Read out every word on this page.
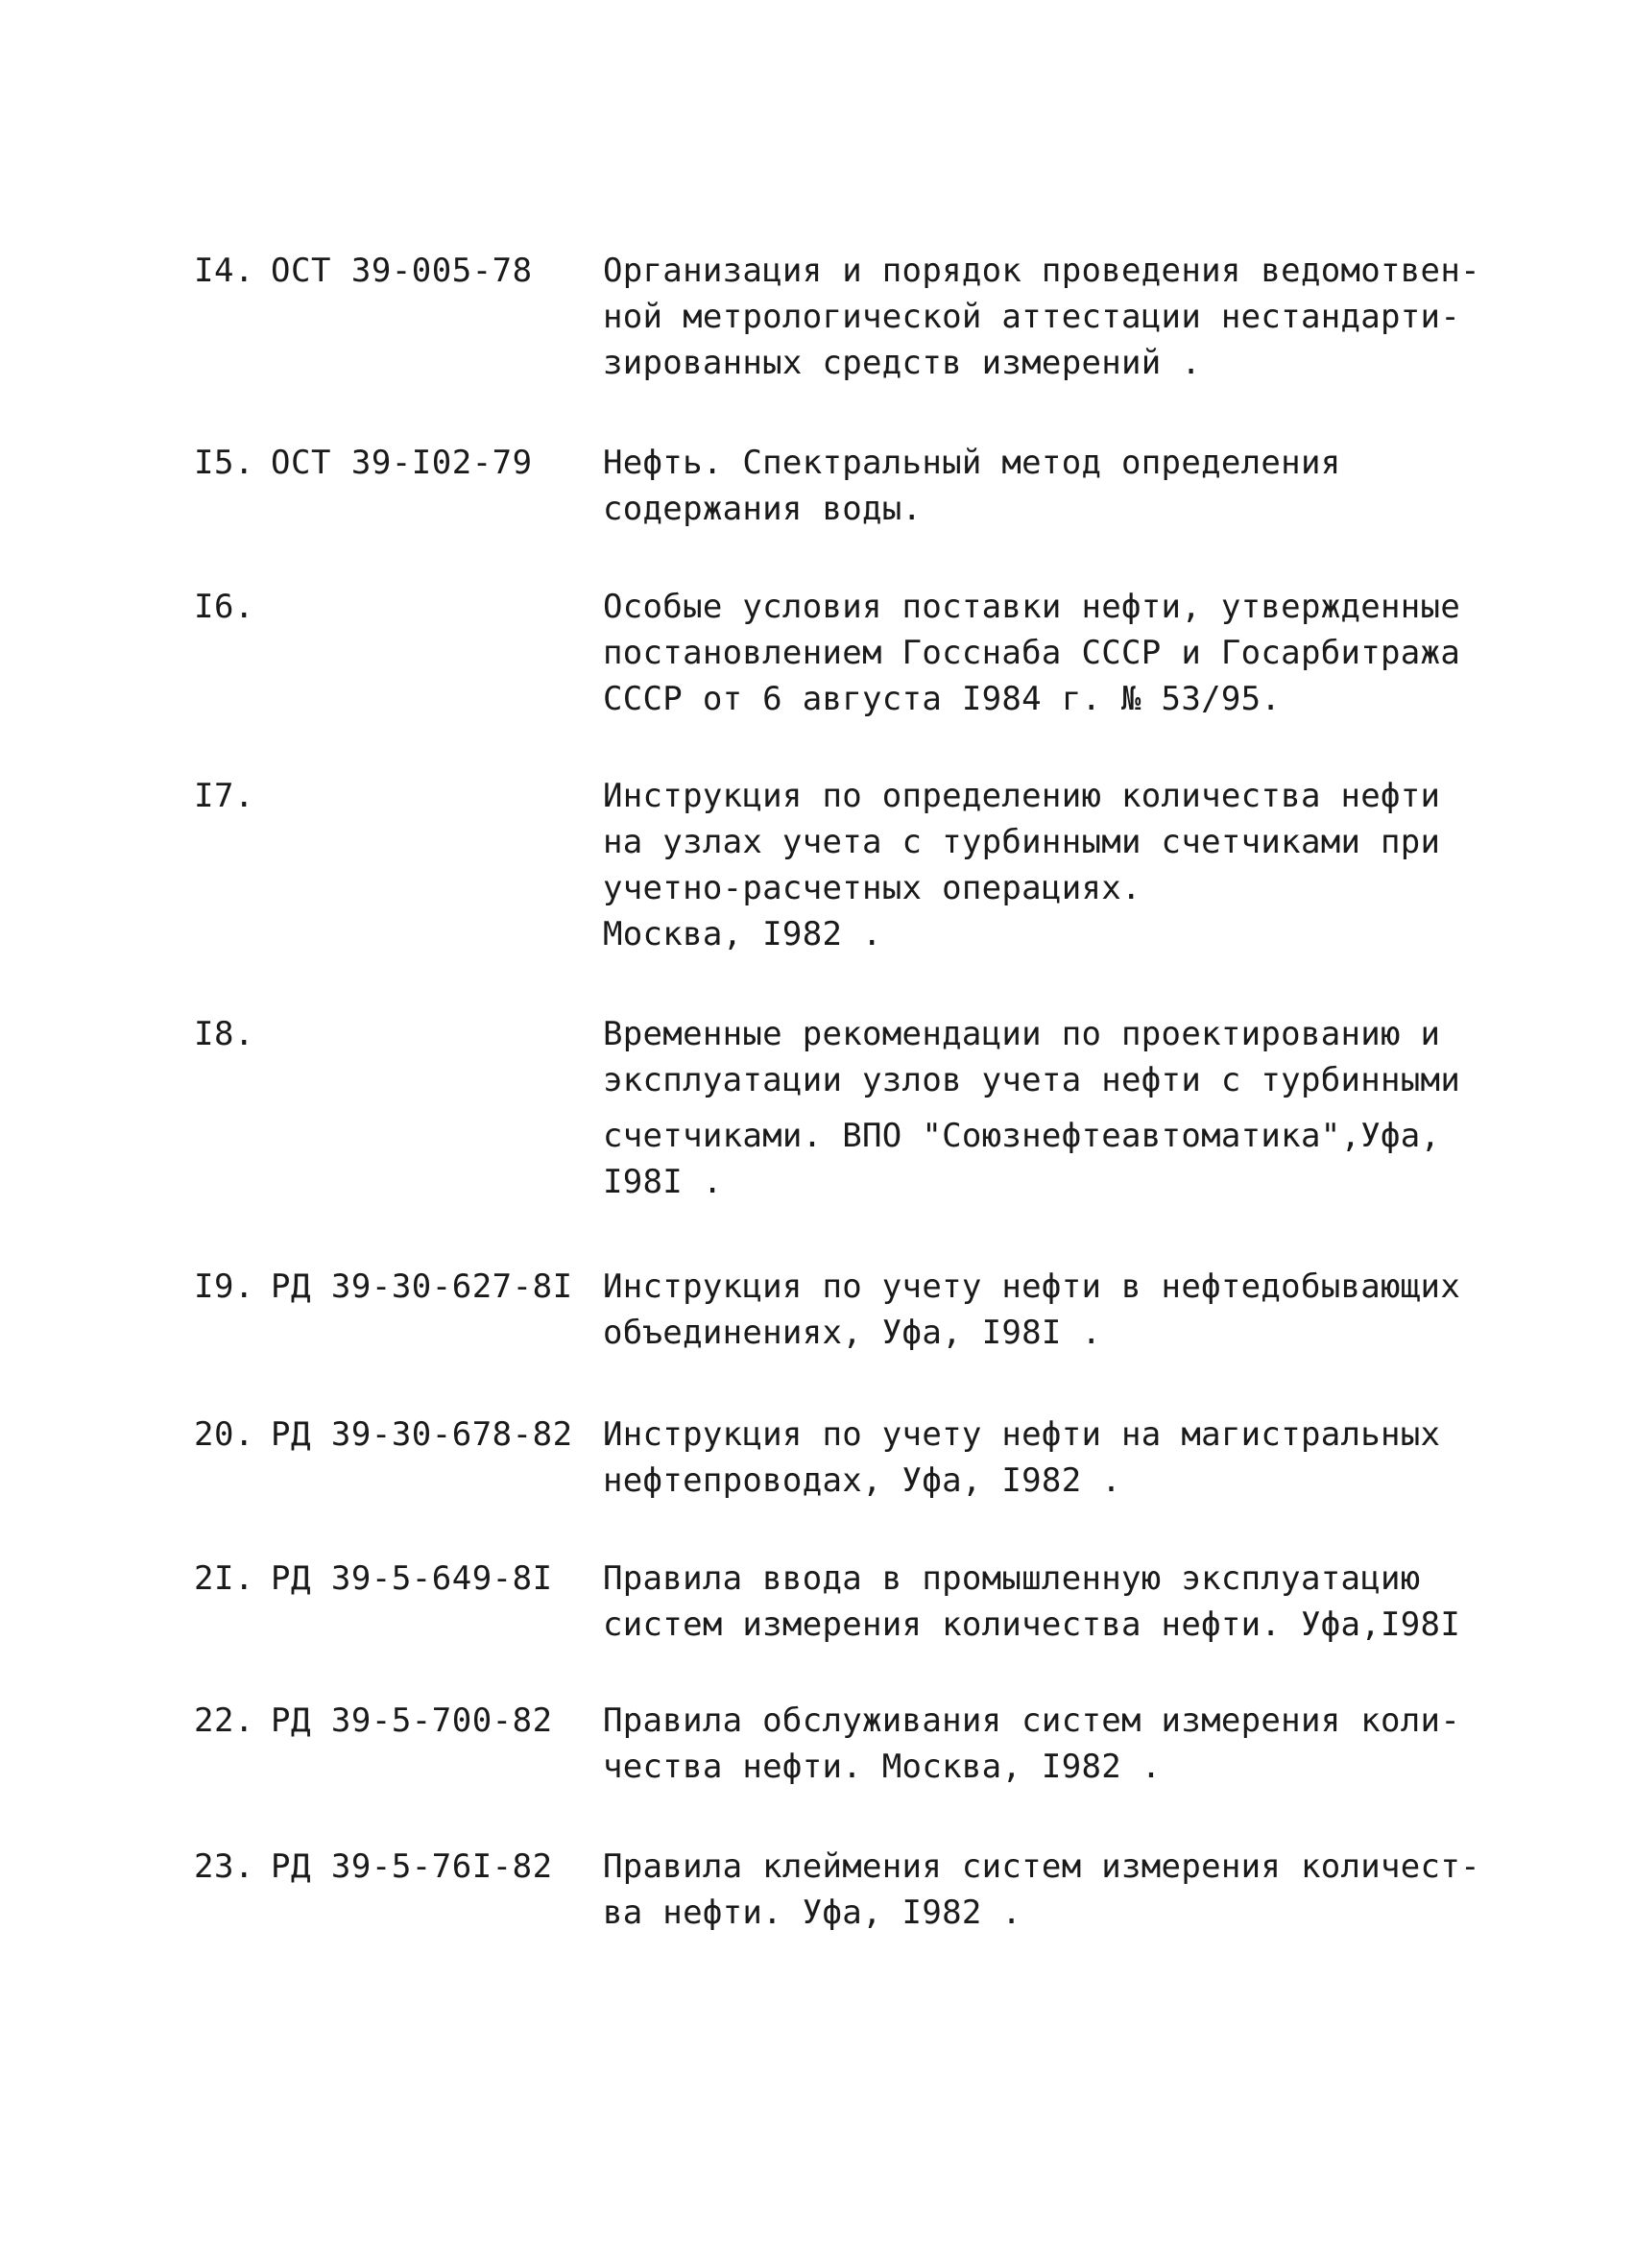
I4. ОСТ 39-005-78 Организация и порядок проведения ведомотвен-
ной метрологической аттестации нестандарти-
зированных средств измерений .
I5. ОСТ 39-I02-79 Нефть. Спектральный метод определения
содержания воды.
I6.	Особые условия поставки нефти, утвержденные
постановлением Госснаба СССР и Госарбитража
СССР от 6 августа I984 г. № 53/95.
I7.	Инструкция по определению количества нефти
на узлах учета с турбинными счетчиками при
учетно-расчетных операциях.
Москва, I982 .
I8.	Временные рекомендации по проектированию и
эксплуатации узлов учета нефти с турбинными
счетчиками. ВПО "Союзнефтеавтоматика",Уфа,
I98I .
I9. РД 39-30-627-8I Инструкция по учету нефти в нефтедобывающих
объединениях, Уфа, I98I .
20. РД 39-30-678-82 Инструкция по учету нефти на магистральных
нефтепроводах, Уфа, I982 .
2I. РД 39-5-649-8I Правила ввода в промышленную эксплуатацию
систем измерения количества нефти. Уфа,I98I
22. РД 39-5-700-82 Правила обслуживания систем измерения коли-
чества нефти. Москва, I982 .
23. РД 39-5-76I-82 Правила клеймения систем измерения количест-
ва нефти. Уфа, I982 .
